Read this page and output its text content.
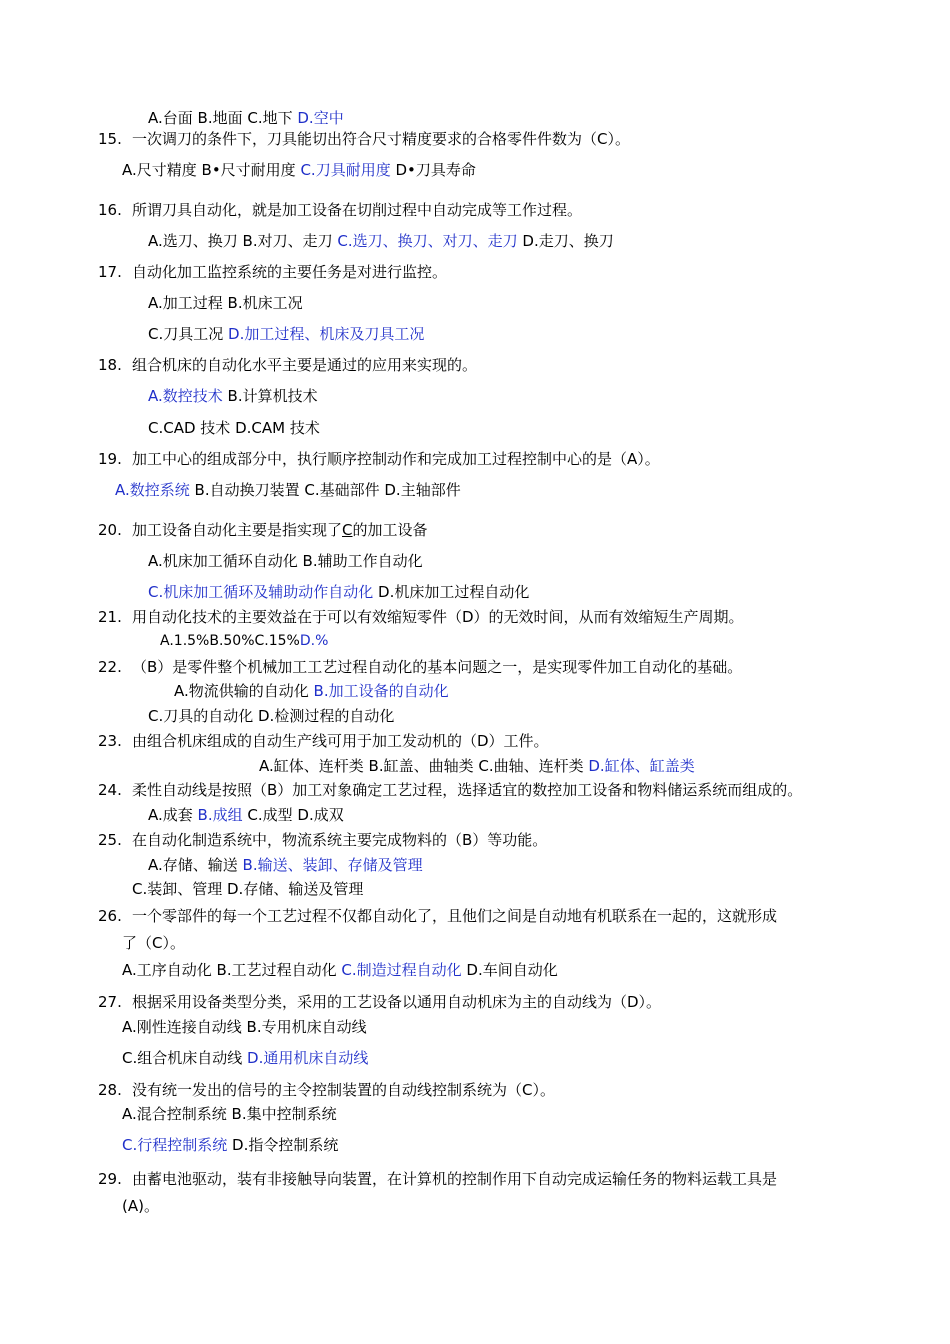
A.台面 B.地面 C.地下 D.空中
15. 一次调刀的条件下，刀具能切出符合尺寸精度要求的合格零件件数为（C）。
A.尺寸精度 B•尺寸耐用度 C.刀具耐用度 D•刀具寿命
16. 所谓刀具自动化，就是加工设备在切削过程中自动完成等工作过程。
A.选刀、换刀 B.对刀、走刀 C.选刀、换刀、对刀、走刀 D.走刀、换刀
17. 自动化加工监控系统的主要任务是对进行监控。
A.加工过程 B.机床工况
C.刀具工况 D.加工过程、机床及刀具工况
18. 组合机床的自动化水平主要是通过的应用来实现的。
A.数控技术 B.计算机技术
C.CAD 技术 D.CAM 技术
19. 加工中心的组成部分中，执行顺序控制动作和完成加工过程控制中心的是（A）。
A.数控系统 B.自动换刀装置 C.基础部件 D.主轴部件
20. 加工设备自动化主要是指实现了C的加工设备
A.机床加工循环自动化 B.辅助工作自动化
C.机床加工循环及辅助动作自动化 D.机床加工过程自动化
21. 用自动化技术的主要效益在于可以有效缩短零件（D）的无效时间，从而有效缩短生产周期。
A.1.5%B.50%C.15%D.%
22. （B）是零件整个机械加工工艺过程自动化的基本问题之一，是实现零件加工自动化的基础。
A.物流供输的自动化 B.加工设备的自动化
C.刀具的自动化 D.检测过程的自动化
23. 由组合机床组成的自动生产线可用于加工发动机的（D）工件。
A.缸体、连杆类 B.缸盖、曲轴类 C.曲轴、连杆类 D.缸体、缸盖类
24. 柔性自动线是按照（B）加工对象确定工艺过程，选择适宜的数控加工设备和物料储运系统而组成的。
A.成套 B.成组 C.成型 D.成双
25. 在自动化制造系统中，物流系统主要完成物料的（B）等功能。
A.存储、输送 B.输送、装卸、存储及管理
C.装卸、管理 D.存储、输送及管理
26. 一个零部件的每一个工艺过程不仅都自动化了，且他们之间是自动地有机联系在一起的，这就形成
了（C）。
A.工序自动化 B.工艺过程自动化 C.制造过程自动化 D.车间自动化
27. 根据采用设备类型分类，采用的工艺设备以通用自动机床为主的自动线为（D）。
A.刚性连接自动线 B.专用机床自动线
C.组合机床自动线 D.通用机床自动线
28. 没有统一发出的信号的主令控制装置的自动线控制系统为（C）。
A.混合控制系统 B.集中控制系统
C.行程控制系统 D.指令控制系统
29. 由蓄电池驱动，装有非接触导向装置，在计算机的控制作用下自动完成运输任务的物料运载工具是
(A)。
